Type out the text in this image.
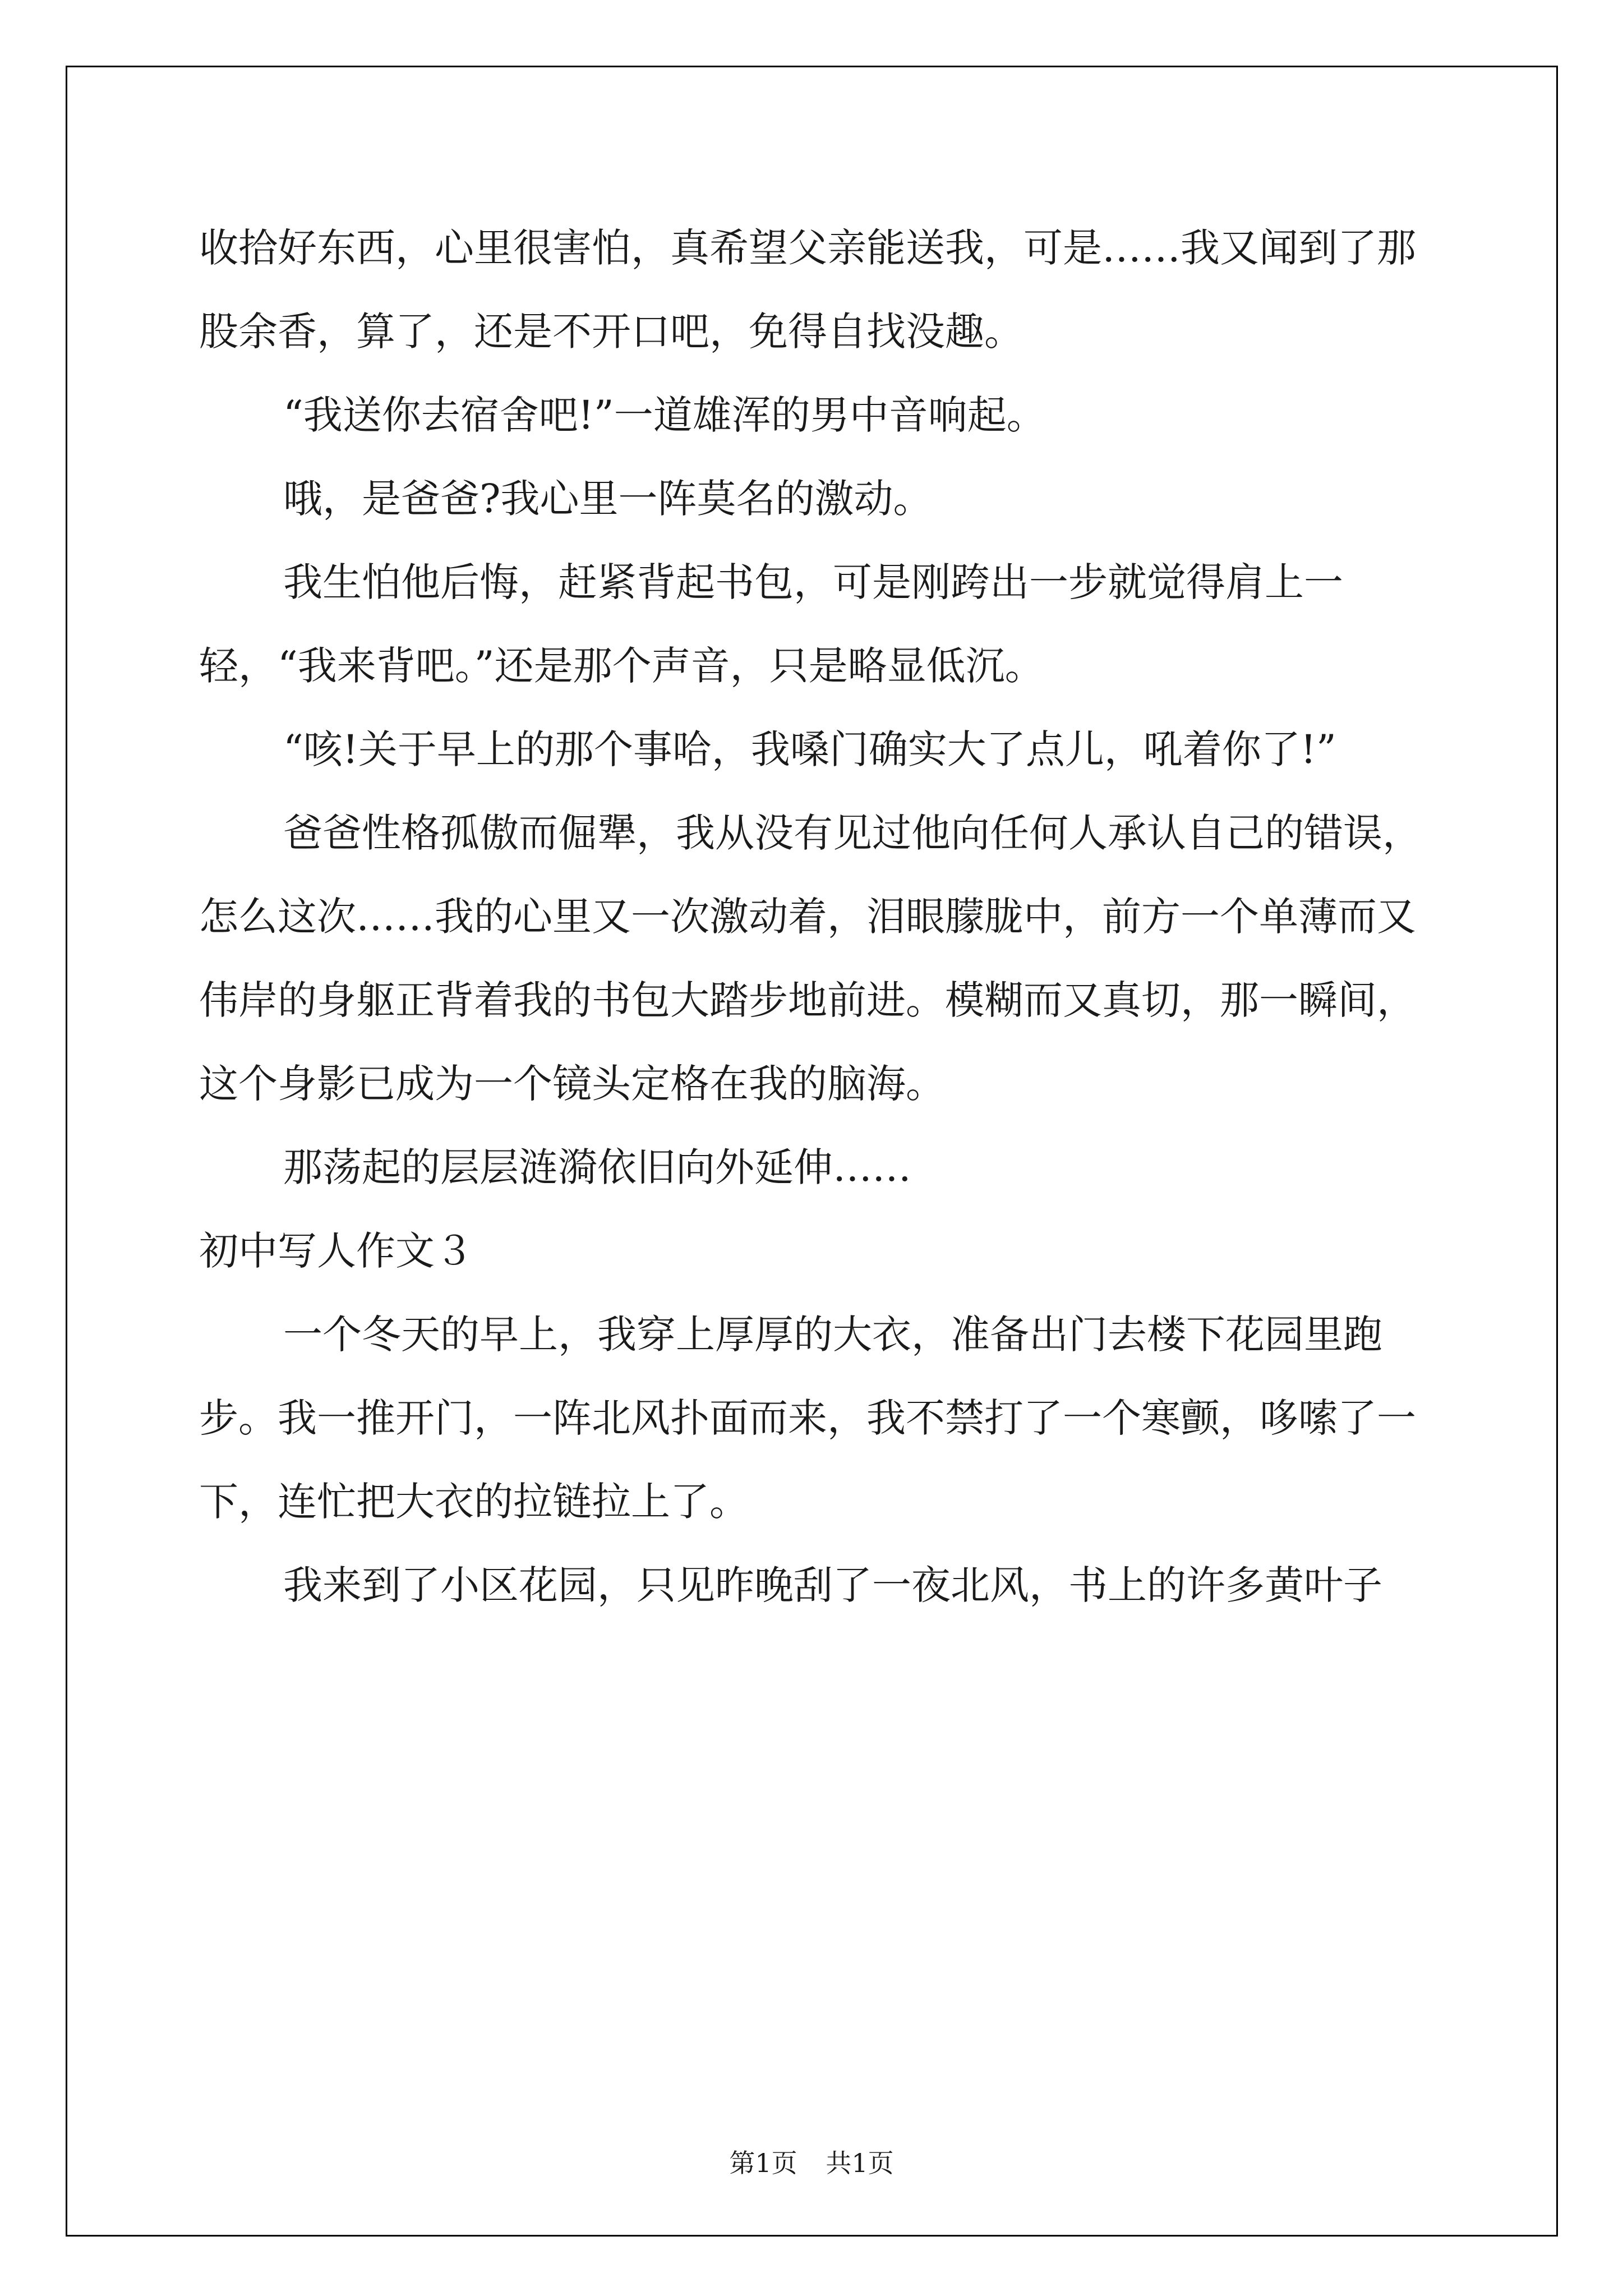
收拾好东西，心里很害怕，真希望父亲能送我，可是……我又闻到了那股余香，算了，还是不开口吧，免得自找没趣。

“我送你去宿舍吧!”一道雄浑的男中音响起。

哦，是爸爸?我心里一阵莫名的激动。

我生怕他后悔，赶紧背起书包，可是刚跨出一步就觉得肩上一轻，“我来背吧。”还是那个声音，只是略显低沉。

“咳!关于早上的那个事哈，我嗓门确实大了点儿，吼着你了!”

爸爸性格孤傲而倔犟，我从没有见过他向任何人承认自己的错误，怎么这次……我的心里又一次激动着，泪眼朦胧中，前方一个单薄而又伟岸的身躯正背着我的书包大踏步地前进。模糊而又真切，那一瞬间，这个身影已成为一个镜头定格在我的脑海。

那荡起的层层涟漪依旧向外延伸……

初中写人作文３

一个冬天的早上，我穿上厚厚的大衣，准备出门去楼下花园里跑步。我一推开门，一阵北风扑面而来，我不禁打了一个寒颤，哆嗦了一下，连忙把大衣的拉链拉上了。

我来到了小区花园，只见昨晚刮了一夜北风，书上的许多黄叶子

第1页 共1页
